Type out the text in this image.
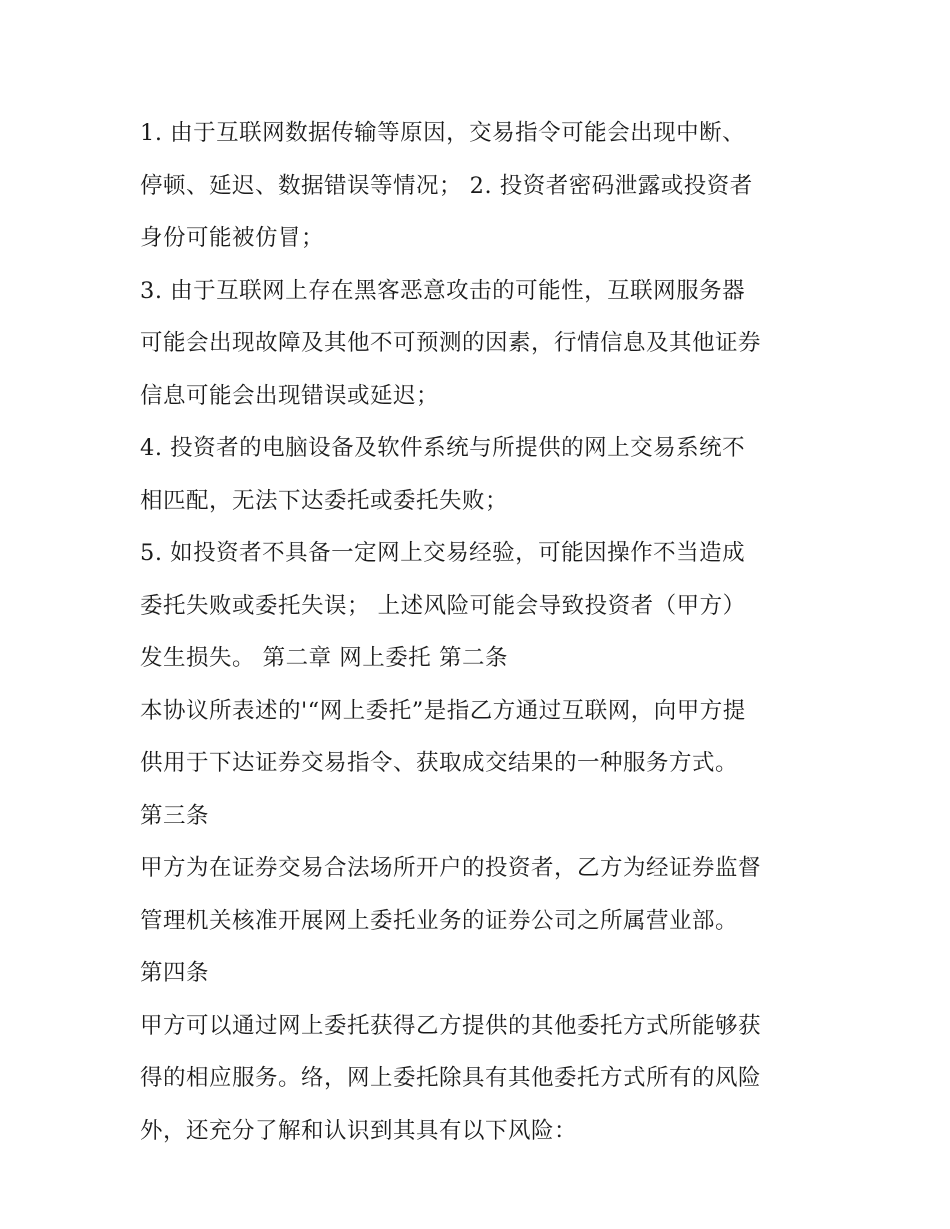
1. 由于互联网数据传输等原因，交易指令可能会出现中断、
停顿、延迟、数据错误等情况； 2. 投资者密码泄露或投资者
身份可能被仿冒；
3. 由于互联网上存在黑客恶意攻击的可能性，互联网服务器
可能会出现故障及其他不可预测的因素，行情信息及其他证券
信息可能会出现错误或延迟；
4. 投资者的电脑设备及软件系统与所提供的网上交易系统不
相匹配，无法下达委托或委托失败；
5. 如投资者不具备一定网上交易经验，可能因操作不当造成
委托失败或委托失误； 上述风险可能会导致投资者（甲方）
发生损失。 第二章 网上委托 第二条
本协议所表述的'“网上委托”是指乙方通过互联网，向甲方提
供用于下达证券交易指令、获取成交结果的一种服务方式。
第三条
甲方为在证券交易合法场所开户的投资者，乙方为经证券监督
管理机关核准开展网上委托业务的证券公司之所属营业部。
第四条
甲方可以通过网上委托获得乙方提供的其他委托方式所能够获
得的相应服务。络，网上委托除具有其他委托方式所有的风险
外，还充分了解和认识到其具有以下风险：
